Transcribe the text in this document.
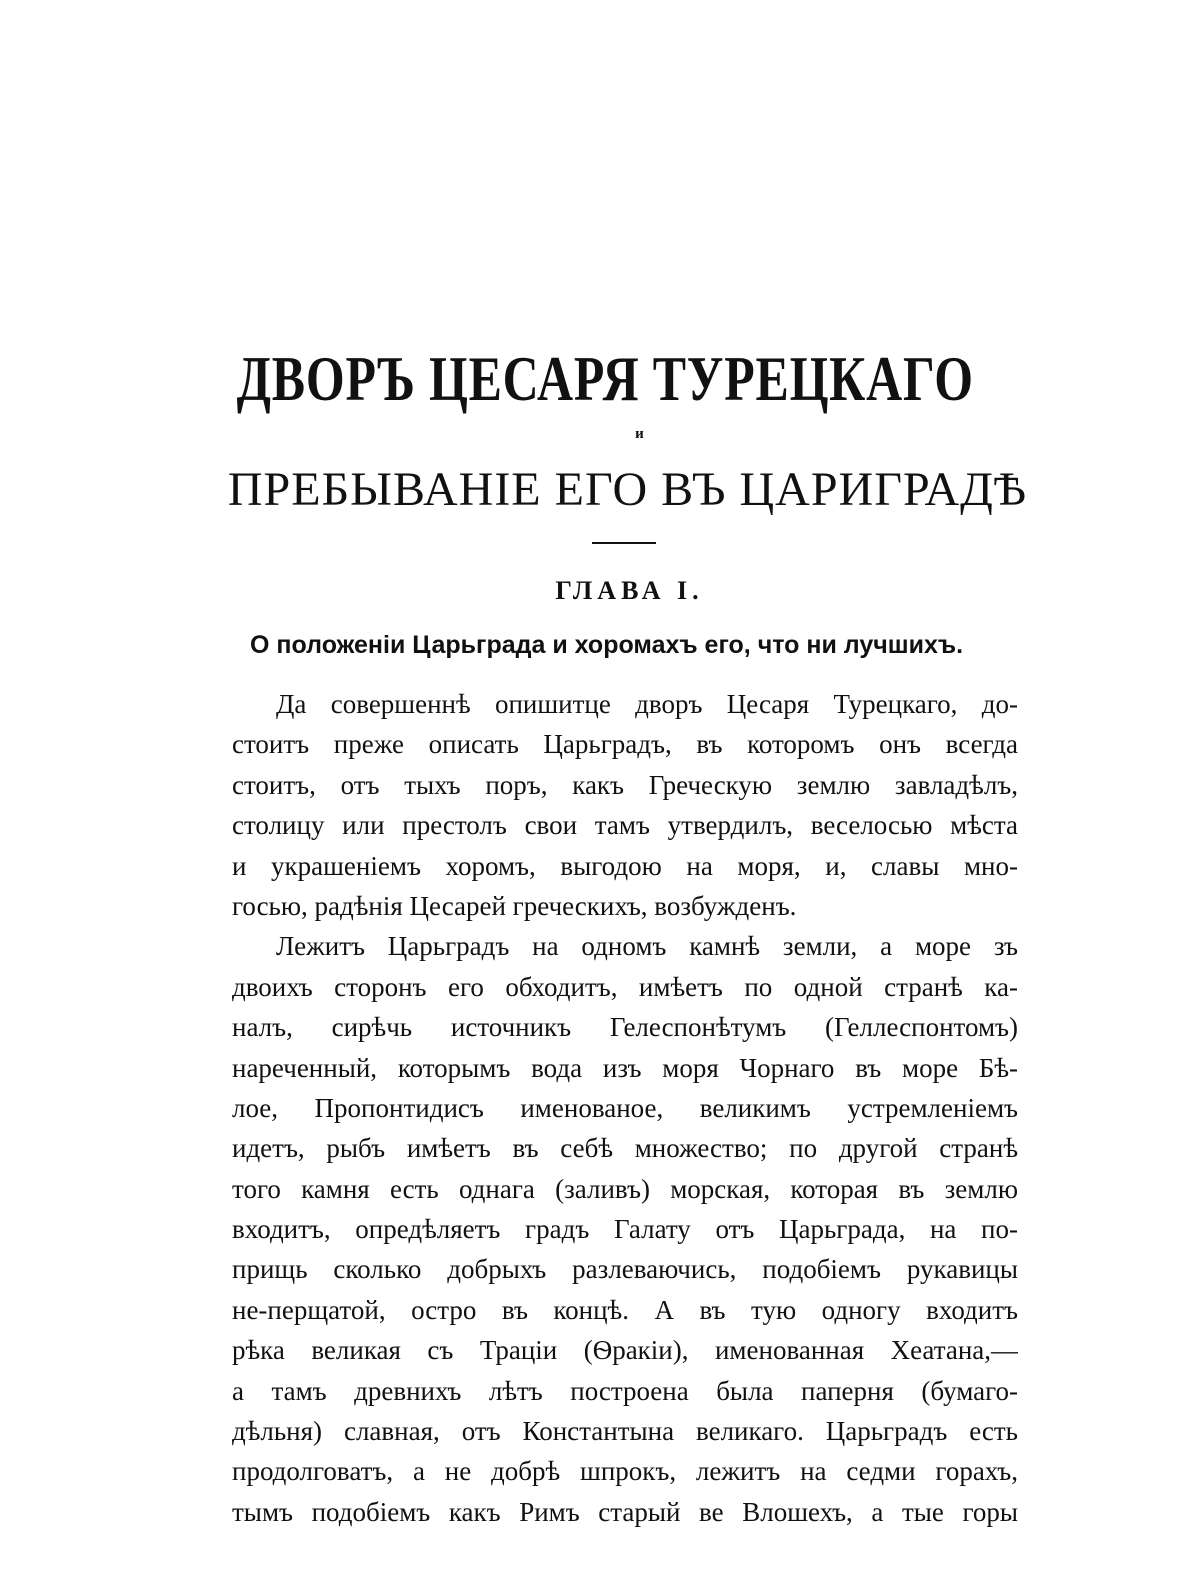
ДВОРЪ ЦЕСАРЯ ТУРЕЦКАГО
и
ПРЕБЫВАНІЕ ЕГО ВЪ ЦАРИГРАДѢ
ГЛАВА I.
О положеніи Царьграда и хоромахъ его, что ни лучшихъ.
Да совершеннѣ опишитце дворъ Цесаря Турецкаго, до-
стоитъ преже описать Царьградъ, въ которомъ онъ всегда
стоитъ, отъ тыхъ поръ, какъ Греческую землю завладѣлъ,
столицу или престолъ свои тамъ утвердилъ, веселосью мѣста
и украшеніемъ хоромъ, выгодою на моря, и, славы мно-
госью, радѣнія Цесарей греческихъ, возбужденъ.
Лежитъ Царьградъ на одномъ камнѣ земли, а море зъ
двоихъ сторонъ его обходитъ, имѣетъ по одной странѣ ка-
налъ, сирѣчь источникъ Гелеспонѣтумъ (Геллеспонтомъ)
нареченный, которымъ вода изъ моря Чорнаго въ море Бѣ-
лое, Пропонтидисъ именованое, великимъ устремленіемъ
идетъ, рыбъ имѣетъ въ себѣ множество; по другой странѣ
того камня есть однага (заливъ) морская, которая въ землю
входитъ, опредѣляетъ градъ Галату отъ Царьграда, на по-
прищь сколько добрыхъ разлеваючись, подобіемъ рукавицы
не-перщатой, остро въ концѣ. А въ тую одногу входитъ
рѣка великая съ Траціи (Ѳракіи), именованная Хеатана,—
а тамъ древнихъ лѣтъ построена была паперня (бумаго-
дѣльня) славная, отъ Константына великаго. Царьградъ есть
продолговатъ, а не добрѣ шпрокъ, лежитъ на седми горахъ,
тымъ подобіемъ какъ Римъ старый ве Влошехъ, а тые горы
